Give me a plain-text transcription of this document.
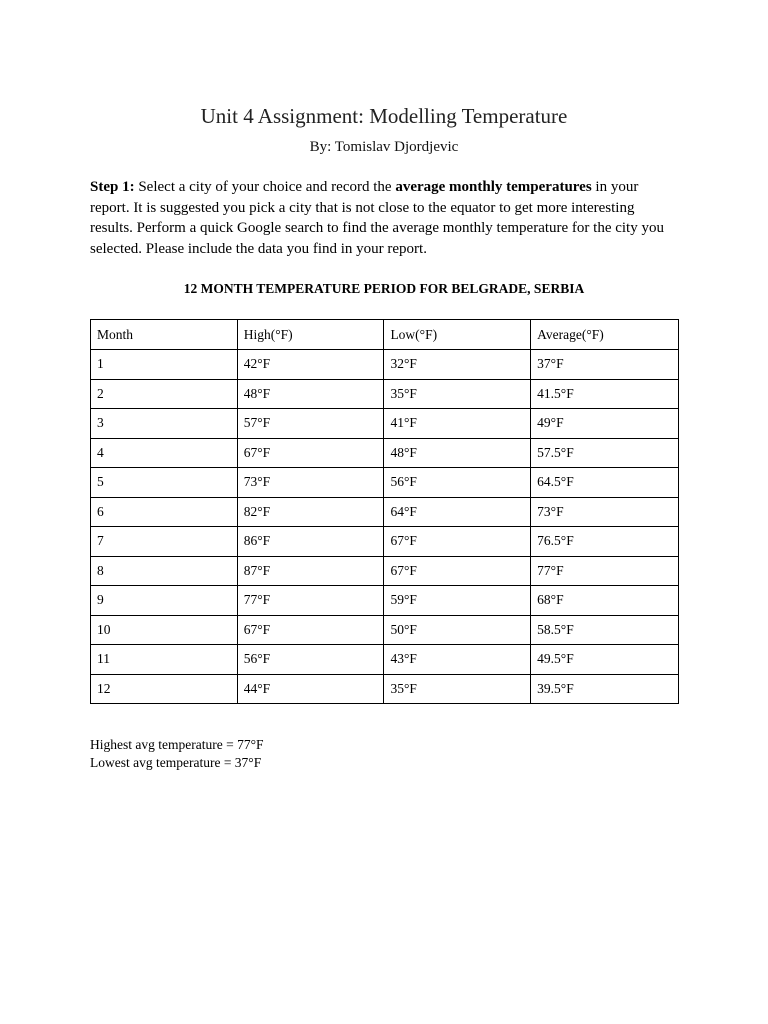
Unit 4 Assignment: Modelling Temperature
By: Tomislav Djordjevic

Step 1: Select a city of your choice and record the average monthly temperatures in your report. It is suggested you pick a city that is not close to the equator to get more interesting results. Perform a quick Google search to find the average monthly temperature for the city you selected. Please include the data you find in your report.

12 MONTH TEMPERATURE PERIOD FOR BELGRADE, SERBIA
Month	High(°F)	Low(°F)	Average(°F)
1	42°F	32°F	37°F
2	48°F	35°F	41.5°F
3	57°F	41°F	49°F
4	67°F	48°F	57.5°F
5	73°F	56°F	64.5°F
6	82°F	64°F	73°F
7	86°F	67°F	76.5°F
8	87°F	67°F	77°F
9	77°F	59°F	68°F
10	67°F	50°F	58.5°F
11	56°F	43°F	49.5°F
12	44°F	35°F	39.5°F
Highest avg temperature = 77°F
Lowest avg temperature = 37°F
